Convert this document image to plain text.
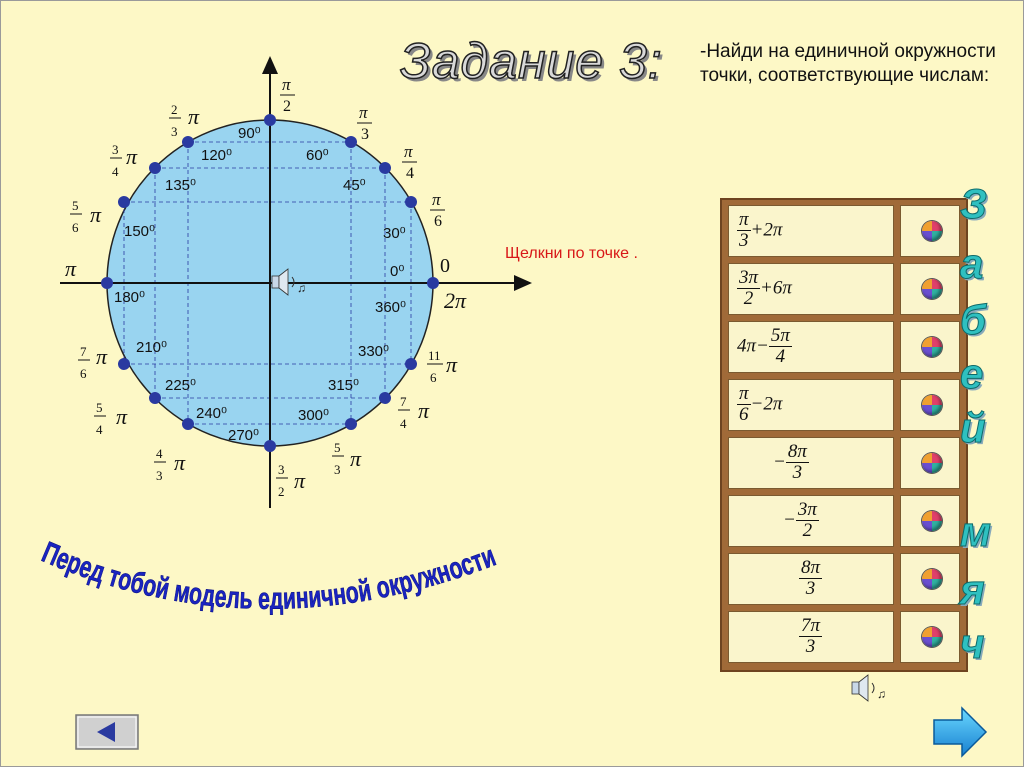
Задание 3: -Найди на единичной окружности точки, соответствующие числам:
Щелкни по точке .
90⁰
60⁰
45⁰
30⁰
0⁰
360⁰
330⁰
315⁰
300⁰
270⁰
240⁰
225⁰
210⁰
180⁰
150⁰
135⁰
120⁰
0
2π
π
π
2	π
3
π
4
π
6
11
6
π
7
4
π
5
3 π
3
2 π
4
3
π
5
4
π
7
6
π
5
6
π
3
4
π
2
3
π
♫
Перед тобой модель единичной окружности
$\frac{\pi}{3} +2\pi$
$\frac{3\pi}{2} +6\pi$
$4\pi- \frac{5\pi}{4}$
$\frac{\pi}{6} -2\pi$
− $\frac{8\pi}{3}$
− $\frac{3\pi}{2}$
$\frac{8\pi}{3}$
$\frac{7\pi}{3}$
З
а
б
е
й
м
я
ч
♫
